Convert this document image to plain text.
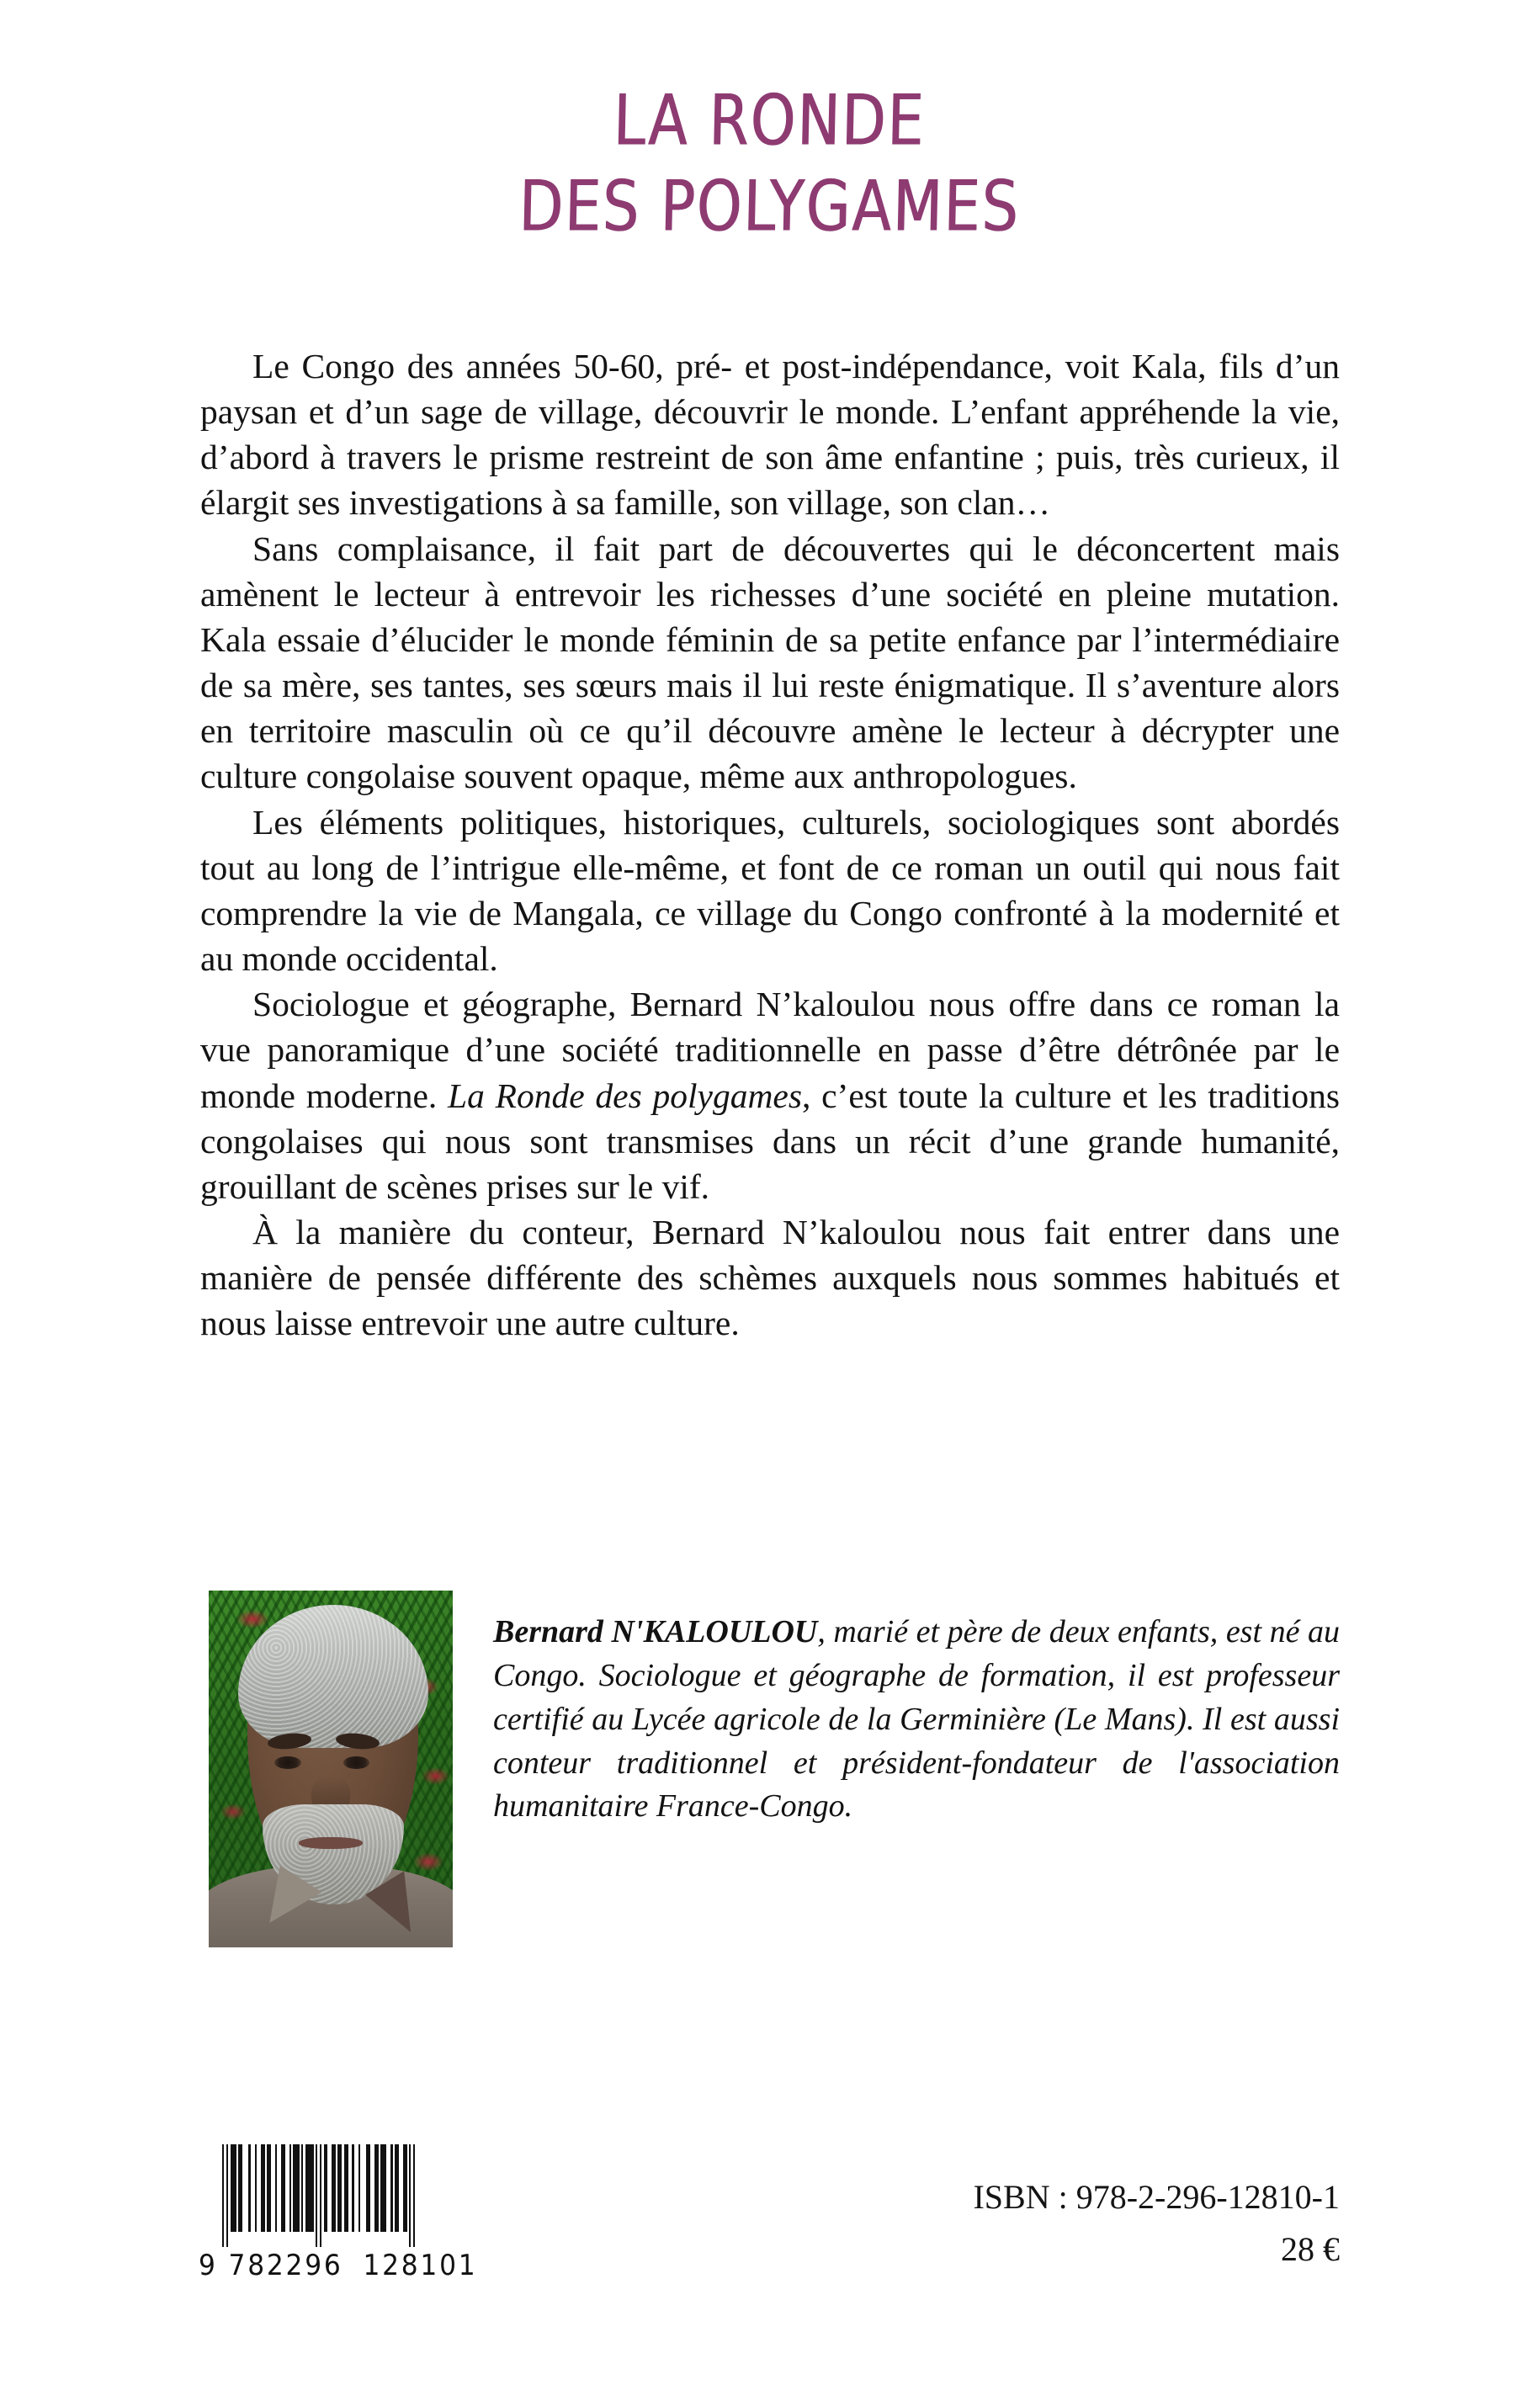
LA RONDE
DES POLYGAMES

Le Congo des années 50-60, pré- et post-indépendance, voit Kala, fils d’un paysan et d’un sage de village, découvrir le monde. L’enfant appréhende la vie, d’abord à travers le prisme restreint de son âme enfantine ; puis, très curieux, il élargit ses investigations à sa famille, son village, son clan…

Sans complaisance, il fait part de découvertes qui le déconcertent mais amènent le lecteur à entrevoir les richesses d’une société en pleine mutation. Kala essaie d’élucider le monde féminin de sa petite enfance par l’intermédiaire de sa mère, ses tantes, ses sœurs mais il lui reste énigmatique. Il s’aventure alors en territoire masculin où ce qu’il découvre amène le lecteur à décrypter une culture congolaise souvent opaque, même aux anthropologues.

Les éléments politiques, historiques, culturels, sociologiques sont abordés tout au long de l’intrigue elle-même, et font de ce roman un outil qui nous fait comprendre la vie de Mangala, ce village du Congo confronté à la modernité et au monde occidental.

Sociologue et géographe, Bernard N’kaloulou nous offre dans ce roman la vue panoramique d’une société traditionnelle en passe d’être détrônée par le monde moderne. La Ronde des polygames, c’est toute la culture et les traditions congolaises qui nous sont transmises dans un récit d’une grande humanité, grouillant de scènes prises sur le vif.

À la manière du conteur, Bernard N’kaloulou nous fait entrer dans une manière de pensée différente des schèmes auxquels nous sommes habitués et nous laisse entrevoir une autre culture.

Bernard N'KALOULOU, marié et père de deux enfants, est né au Congo. Sociologue et géographe de formation, il est professeur certifié au Lycée agricole de la Germinière (Le Mans). Il est aussi conteur traditionnel et président-fondateur de l'association humanitaire France-Congo.
9 782296 128101
ISBN : 978-2-296-12810-1
28 €
